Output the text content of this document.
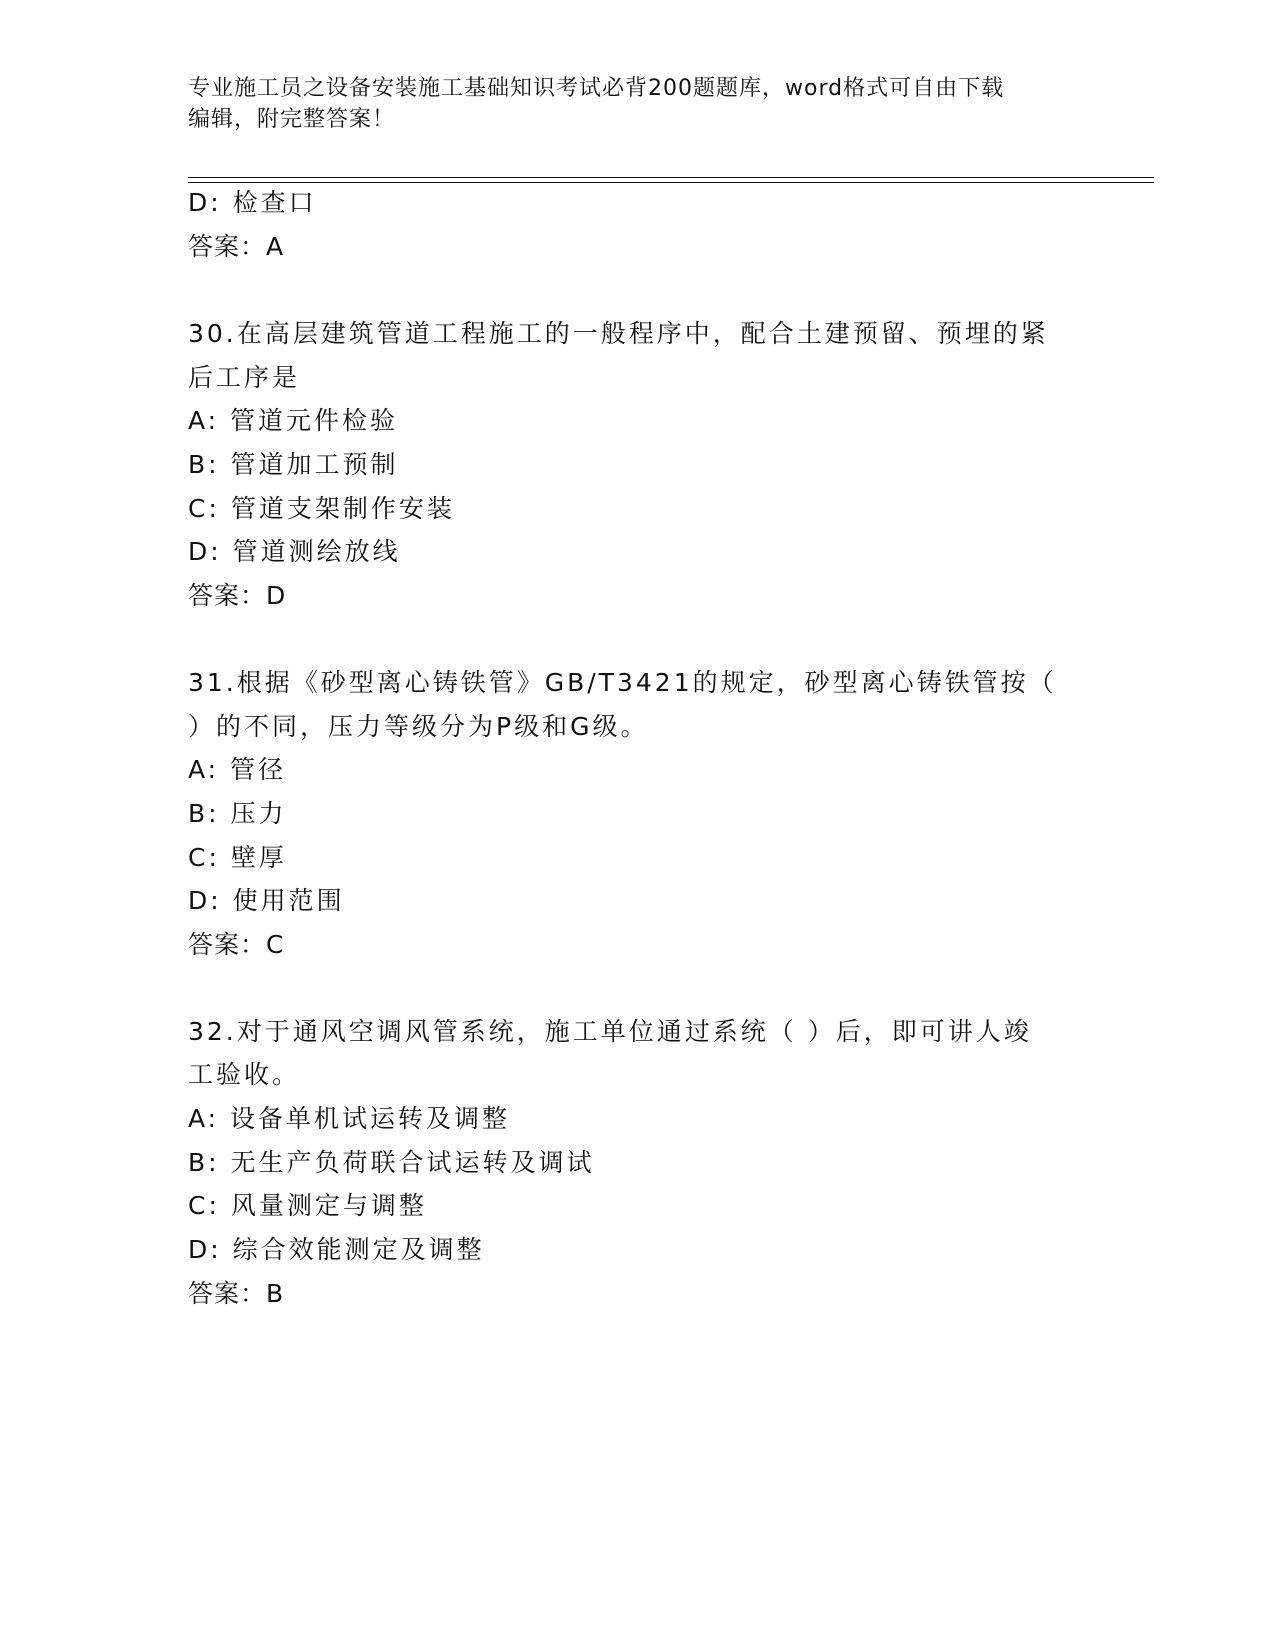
专业施工员之设备安装施工基础知识考试必背200题题库，word格式可自由下载
编辑，附完整答案！
D: 检查口
答案：A
30.在高层建筑管道工程施工的一般程序中，配合土建预留、预埋的紧
后工序是
A: 管道元件检验
B: 管道加工预制
C: 管道支架制作安装
D: 管道测绘放线
答案：D
31.根据《砂型离心铸铁管》GB/T3421的规定，砂型离心铸铁管按（
）的不同，压力等级分为P级和G级。
A: 管径
B: 压力
C: 壁厚
D: 使用范围
答案：C
32.对于通风空调风管系统，施工单位通过系统（ ）后，即可讲人竣
工验收。
A: 设备单机试运转及调整
B: 无生产负荷联合试运转及调试
C: 风量测定与调整
D: 综合效能测定及调整
答案：B
